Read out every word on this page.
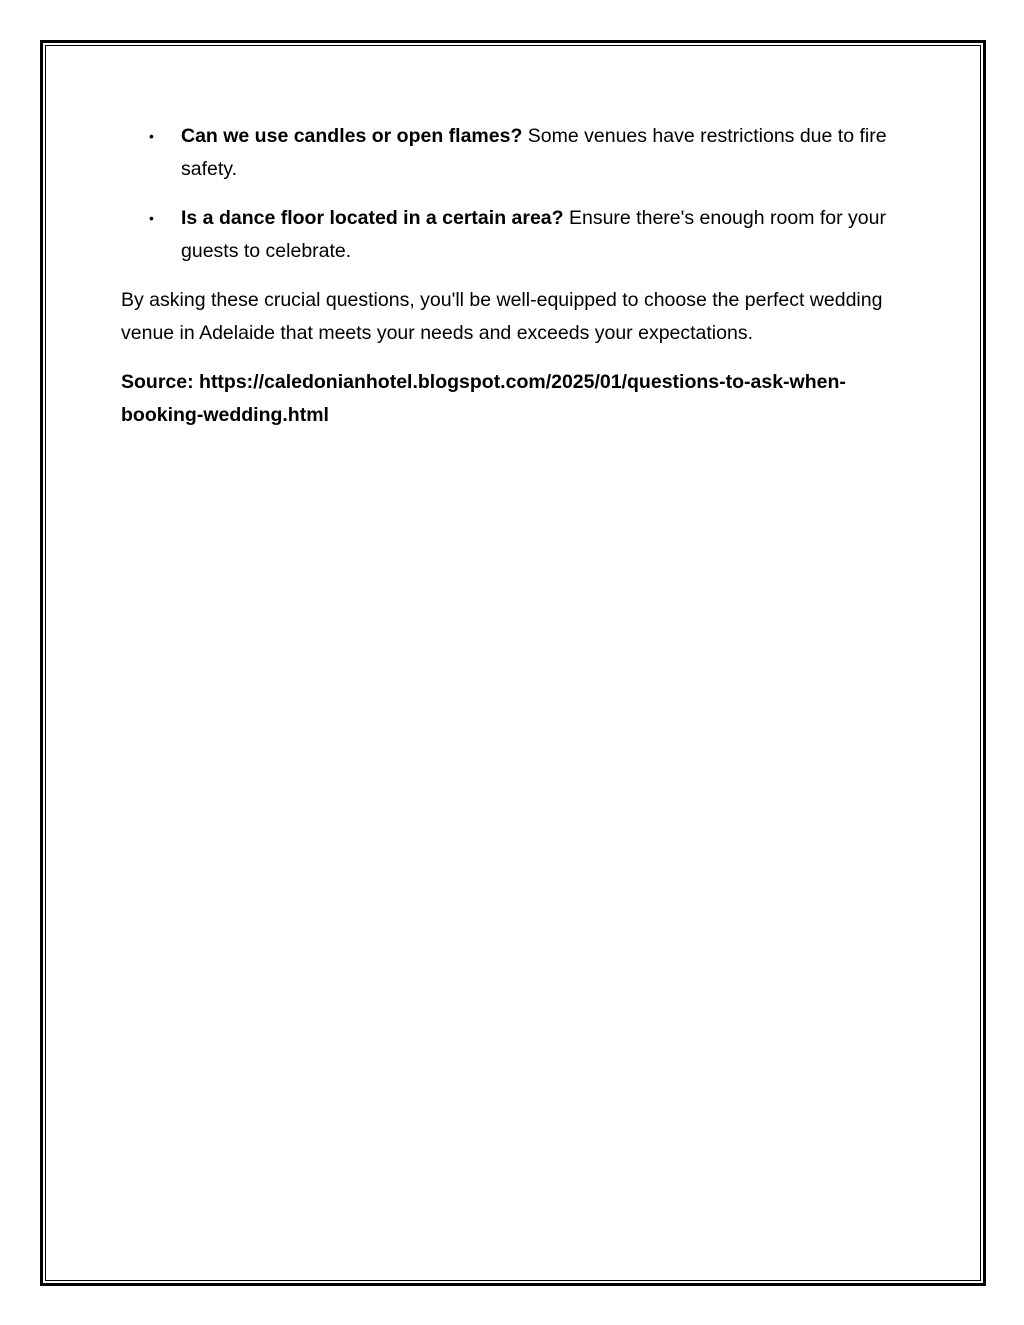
• Can we use candles or open flames? Some venues have restrictions due to fire safety.
• Is a dance floor located in a certain area? Ensure there's enough room for your guests to celebrate.

By asking these crucial questions, you'll be well-equipped to choose the perfect wedding venue in Adelaide that meets your needs and exceeds your expectations.

Source: https://caledonianhotel.blogspot.com/2025/01/questions-to-ask-when-booking-wedding.html
